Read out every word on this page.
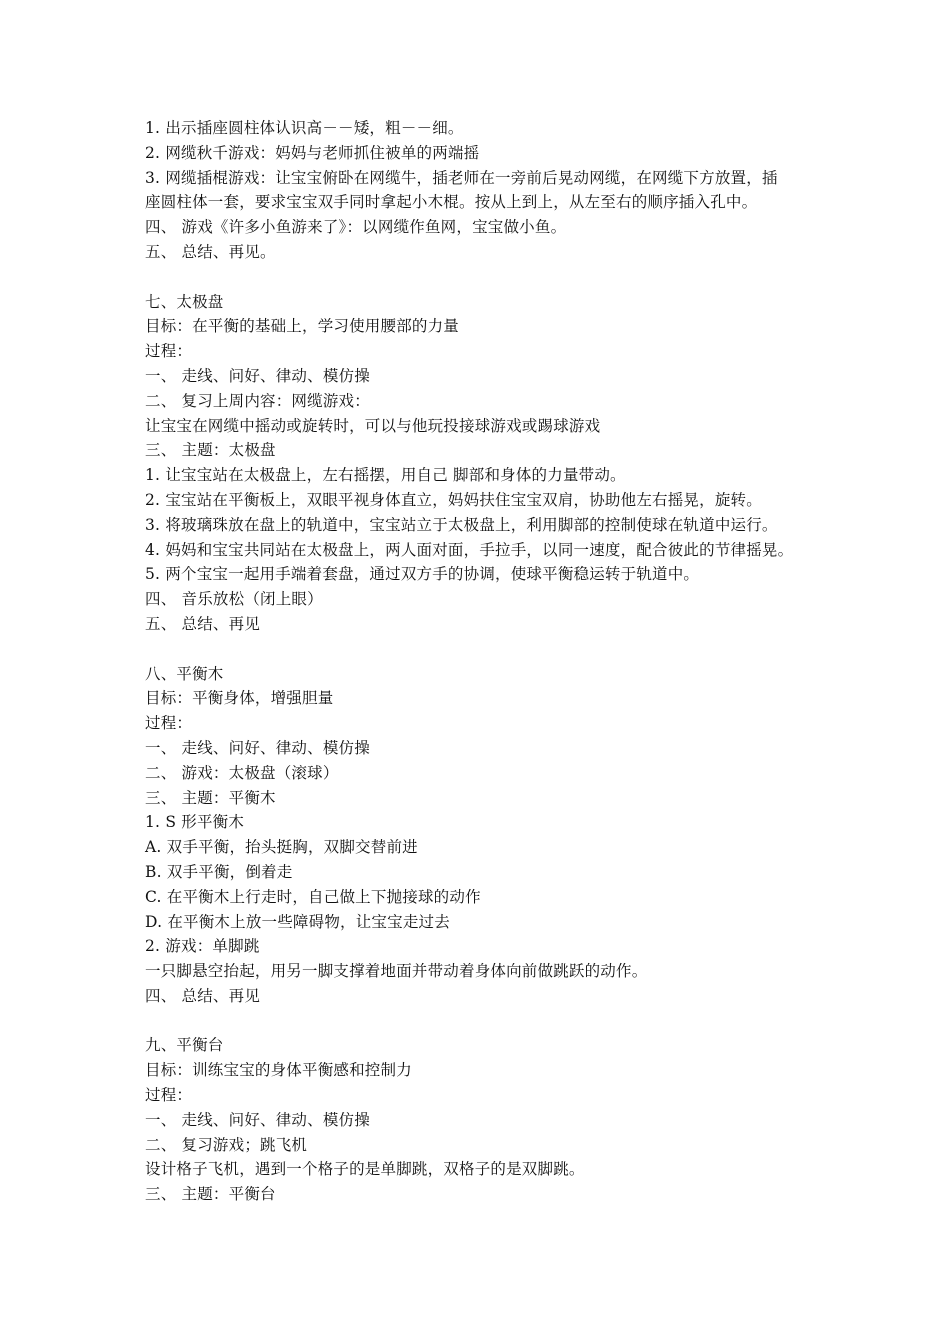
1. 出示插座圆柱体认识高－－矮，粗－－细。
2. 网缆秋千游戏：妈妈与老师抓住被单的两端摇
3. 网缆插棍游戏：让宝宝俯卧在网缆牛，插老师在一旁前后晃动网缆，在网缆下方放置，插
座圆柱体一套，要求宝宝双手同时拿起小木棍。按从上到上，从左至右的顺序插入孔中。
四、 游戏《许多小鱼游来了》：以网缆作鱼网，宝宝做小鱼。
五、 总结、再见。
七、太极盘
目标：在平衡的基础上，学习使用腰部的力量
过程：
一、 走线、问好、律动、模仿操
二、 复习上周内容：网缆游戏：
让宝宝在网缆中摇动或旋转时，可以与他玩投接球游戏或踢球游戏
三、 主题：太极盘
1. 让宝宝站在太极盘上，左右摇摆，用自己 脚部和身体的力量带动。
2. 宝宝站在平衡板上，双眼平视身体直立，妈妈扶住宝宝双肩，协助他左右摇晃，旋转。
3. 将玻璃珠放在盘上的轨道中，宝宝站立于太极盘上，利用脚部的控制使球在轨道中运行。
4. 妈妈和宝宝共同站在太极盘上，两人面对面，手拉手，以同一速度，配合彼此的节律摇晃。
5. 两个宝宝一起用手端着套盘，通过双方手的协调，使球平衡稳运转于轨道中。
四、 音乐放松（闭上眼）
五、 总结、再见
八、平衡木
目标：平衡身体，增强胆量
过程：
一、 走线、问好、律动、模仿操
二、 游戏：太极盘（滚球）
三、 主题：平衡木
1. S 形平衡木
A. 双手平衡，抬头挺胸，双脚交替前进
B. 双手平衡，倒着走
C. 在平衡木上行走时，自己做上下抛接球的动作
D. 在平衡木上放一些障碍物，让宝宝走过去
2. 游戏：单脚跳
一只脚悬空抬起，用另一脚支撑着地面并带动着身体向前做跳跃的动作。
四、 总结、再见
九、平衡台
目标：训练宝宝的身体平衡感和控制力
过程：
一、 走线、问好、律动、模仿操
二、 复习游戏；跳飞机
设计格子飞机，遇到一个格子的是单脚跳，双格子的是双脚跳。
三、 主题：平衡台
